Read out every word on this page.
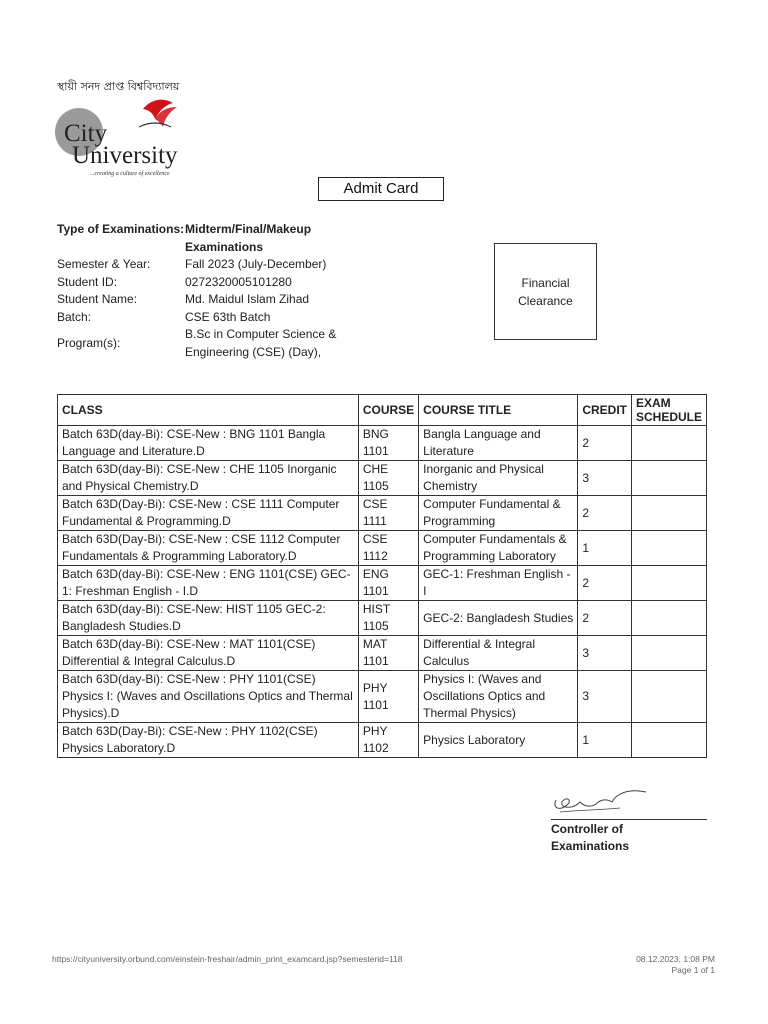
স্থায়ী সনদ প্রাপ্ত বিশ্ববিদ্যালয়
City
University
...creating a culture of excellence
Admit Card
Type of Examinations: Midterm/Final/Makeup Examinations
Semester & Year:	Fall 2023 (July-December)
Student ID:	0272320005101280
Student Name:	Md. Maidul Islam Zihad
Batch:	CSE 63th Batch
Program(s):
B.Sc in Computer Science & Engineering (CSE) (Day),
Financial Clearance
CLASS	COURSE	COURSE TITLE	CREDIT	EXAM SCHEDULE
Batch 63D(day-Bi): CSE-New : BNG 1101 Bangla Language and Literature.D	BNG 1101	Bangla Language and Literature	2	
Batch 63D(day-Bi): CSE-New : CHE 1105 Inorganic and Physical Chemistry.D	CHE 1105	Inorganic and Physical Chemistry	3	
Batch 63D(Day-Bi): CSE-New : CSE 1111 Computer Fundamental & Programming.D	CSE 1111	Computer Fundamental & Programming	2	
Batch 63D(Day-Bi): CSE-New : CSE 1112 Computer Fundamentals & Programming Laboratory.D	CSE 1112	Computer Fundamentals & Programming Laboratory	1	
Batch 63D(day-Bi): CSE-New : ENG 1101(CSE) GEC-1: Freshman English - I.D	ENG 1101	GEC-1: Freshman English - I	2	
Batch 63D(day-Bi): CSE-New: HIST 1105 GEC-2: Bangladesh Studies.D	HIST 1105	GEC-2: Bangladesh Studies	2	
Batch 63D(day-Bi): CSE-New : MAT 1101(CSE) Differential & Integral Calculus.D	MAT 1101	Differential & Integral Calculus	3	
Batch 63D(day-Bi): CSE-New : PHY 1101(CSE) Physics I: (Waves and Oscillations Optics and Thermal Physics).D	PHY 1101	Physics I: (Waves and Oscillations Optics and Thermal Physics)	3	
Batch 63D(Day-Bi): CSE-New : PHY 1102(CSE) Physics Laboratory.D	PHY 1102	Physics Laboratory	1	
Controller of Examinations
https://cityuniversity.orbund.com/einstein-freshair/admin_print_examcard.jsp?semesterid=118	08.12.2023, 1:08 PM
Page 1 of 1
